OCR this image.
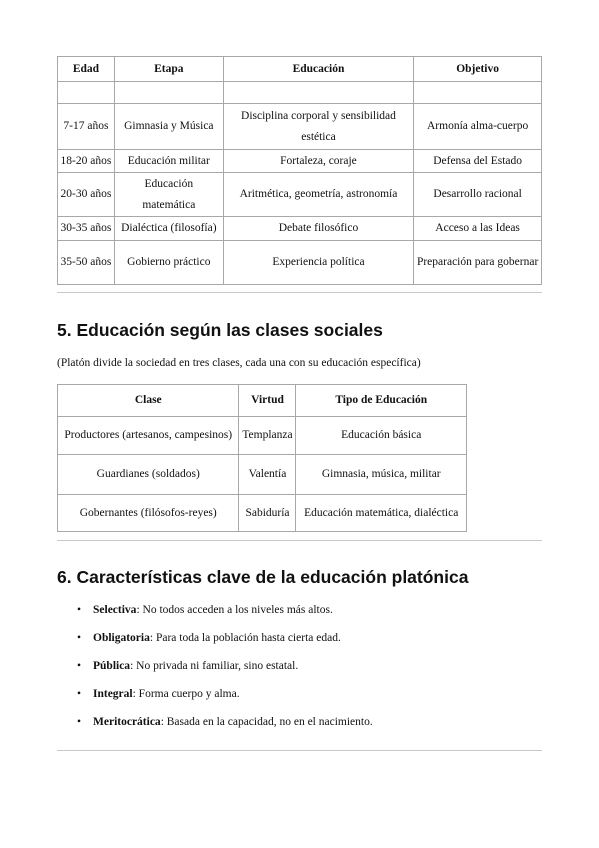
Edad	Etapa	Educación	Objetivo

7-17 años	Gimnasia y Música	Disciplina corporal y sensibilidad estética	Armonía alma-cuerpo
18-20 años	Educación militar	Fortaleza, coraje	Defensa del Estado
20-30 años	Educación matemática	Aritmética, geometría, astronomía	Desarrollo racional
30-35 años	Dialéctica (filosofía)	Debate filosófico	Acceso a las Ideas
35-50 años	Gobierno práctico	Experiencia política	Preparación para gobernar
5. Educación según las clases sociales
(Platón divide la sociedad en tres clases, cada una con su educación específica)
Clase	Virtud	Tipo de Educación
Productores (artesanos, campesinos)	Templanza	Educación básica
Guardianes (soldados)	Valentía	Gimnasia, música, militar
Gobernantes (filósofos-reyes)	Sabiduría	Educación matemática, dialéctica
6. Características clave de la educación platónica
• Selectiva: No todos acceden a los niveles más altos.
• Obligatoria: Para toda la población hasta cierta edad.
• Pública: No privada ni familiar, sino estatal.
• Integral: Forma cuerpo y alma.
• Meritocrática: Basada en la capacidad, no en el nacimiento.
